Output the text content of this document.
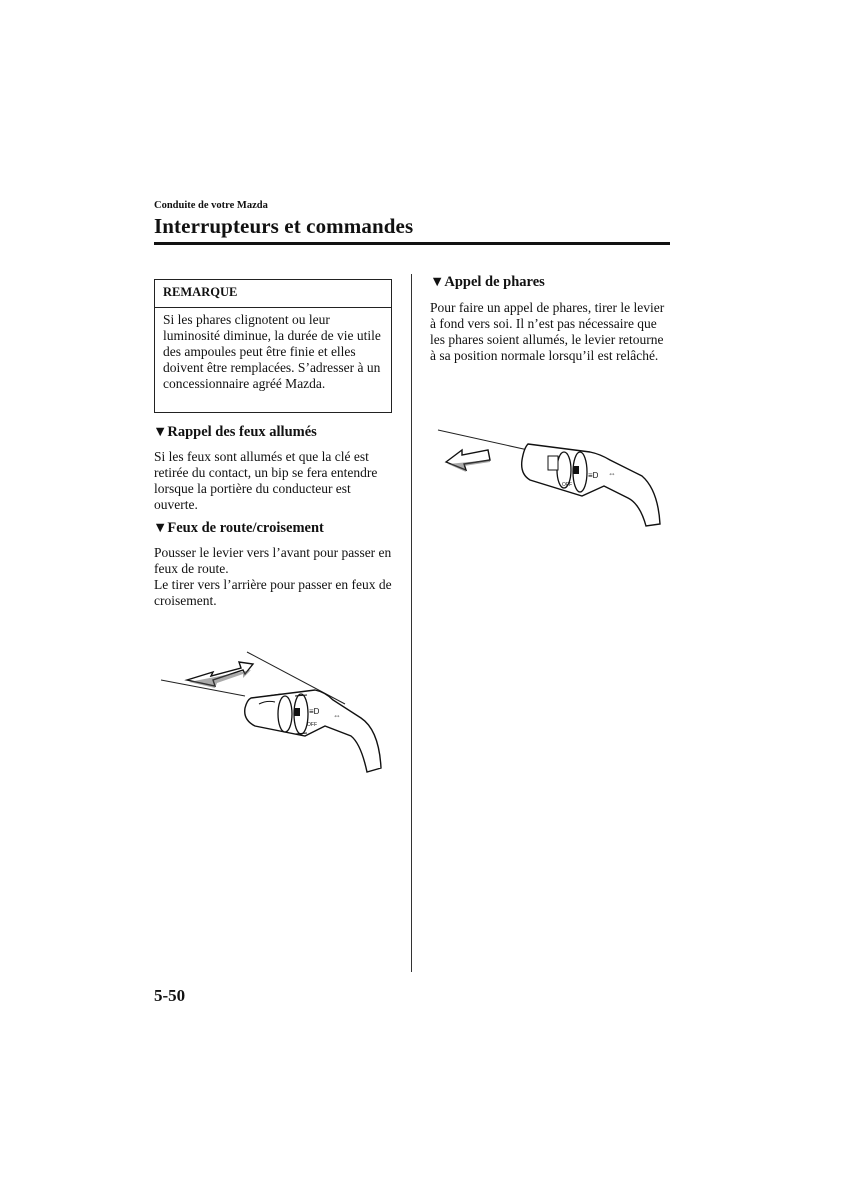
Conduite de votre Mazda
Interrupteurs et commandes
REMARQUE
Si les phares clignotent ou leur luminosité diminue, la durée de vie utile des ampoules peut être finie et elles doivent être remplacées. S’adresser à un concessionnaire agréé Mazda.
▼Rappel des feux allumés
Si les feux sont allumés et que la clé est retirée du contact, un bip se fera entendre lorsque la portière du conducteur est ouverte.
▼Feux de route/croisement
Pousser le levier vers l’avant pour passer en feux de route.
Le tirer vers l’arrière pour passer en feux de croisement.
▼Appel de phares
Pour faire un appel de phares, tirer le levier à fond vers soi. Il n’est pas nécessaire que les phares soient allumés, le levier retourne à sa position normale lorsqu’il est relâché.
OFF
≡D ⇔
OFF
≡D ⇔
5-50
